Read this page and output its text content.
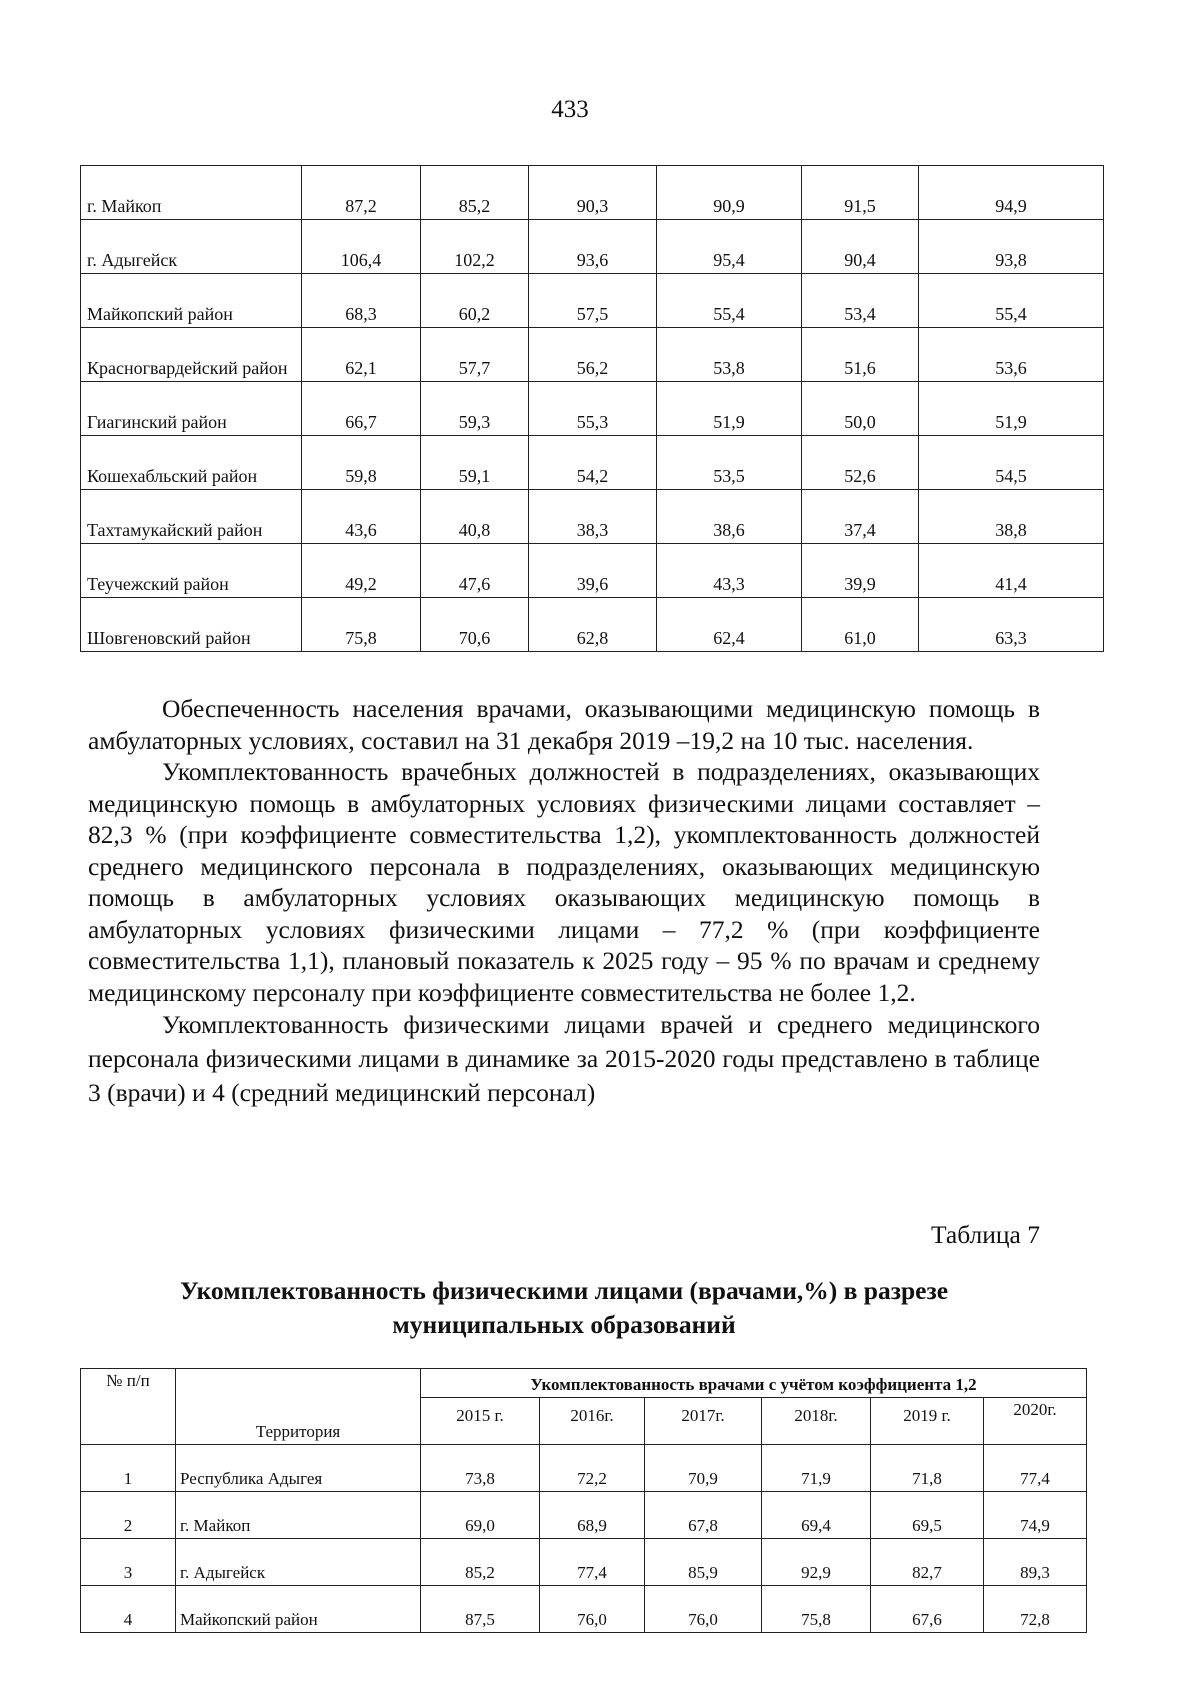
433
г. Майкоп	87,2	85,2	90,3	90,9	91,5	94,9
г. Адыгейск	106,4	102,2	93,6	95,4	90,4	93,8
Майкопский район	68,3	60,2	57,5	55,4	53,4	55,4
Красногвардейский район	62,1	57,7	56,2	53,8	51,6	53,6
Гиагинский район	66,7	59,3	55,3	51,9	50,0	51,9
Кошехабльский район	59,8	59,1	54,2	53,5	52,6	54,5
Тахтамукайский район	43,6	40,8	38,3	38,6	37,4	38,8
Теучежский район	49,2	47,6	39,6	43,3	39,9	41,4
Шовгеновский район	75,8	70,6	62,8	62,4	61,0	63,3

Обеспеченность населения врачами, оказывающими медицинскую помощь в амбулаторных условиях, составил на 31 декабря 2019 –19,2 на 10 тыс. населения.

Укомплектованность врачебных должностей в подразделениях, оказывающих медицинскую помощь в амбулаторных условиях физическими лицами составляет – 82,3 % (при коэффициенте совместительства 1,2), укомплектованность должностей среднего медицинского персонала в подразделениях, оказывающих медицинскую помощь в амбулаторных условиях оказывающих медицинскую помощь в амбулаторных условиях физическими лицами – 77,2 % (при коэффициенте совместительства 1,1), плановый показатель к 2025 году – 95 % по врачам и среднему медицинскому персоналу при коэффициенте совместительства не более 1,2.

Укомплектованность физическими лицами врачей и среднего медицинского персонала физическими лицами в динамике за 2015-2020 годы представлено в таблице 3 (врачи) и 4 (средний медицинский персонал)

Таблица 7
Укомплектованность физическими лицами (врачами,%) в разрезе муниципальных образований
№ п/п	Территория	Укомплектованность врачами с учётом коэффициента 1,2					
		2015 г.	2016г.	2017г.	2018г.	2019 г.	2020г.
1	Республика Адыгея	73,8	72,2	70,9	71,9	71,8	77,4
2	г. Майкоп	69,0	68,9	67,8	69,4	69,5	74,9
3	г. Адыгейск	85,2	77,4	85,9	92,9	82,7	89,3
4	Майкопский район	87,5	76,0	76,0	75,8	67,6	72,8
